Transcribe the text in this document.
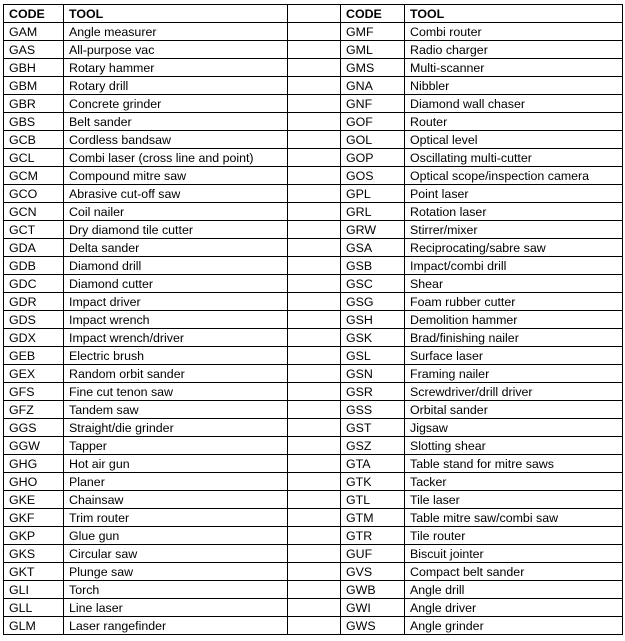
CODE	TOOL		CODE	TOOL
GAM	Angle measurer		GMF	Combi router
GAS	All-purpose vac		GML	Radio charger
GBH	Rotary hammer		GMS	Multi-scanner
GBM	Rotary drill		GNA	Nibbler
GBR	Concrete grinder		GNF	Diamond wall chaser
GBS	Belt sander		GOF	Router
GCB	Cordless bandsaw		GOL	Optical level
GCL	Combi laser (cross line and point)		GOP	Oscillating multi-cutter
GCM	Compound mitre saw		GOS	Optical scope/inspection camera
GCO	Abrasive cut-off saw		GPL	Point laser
GCN	Coil nailer		GRL	Rotation laser
GCT	Dry diamond tile cutter		GRW	Stirrer/mixer
GDA	Delta sander		GSA	Reciprocating/sabre saw
GDB	Diamond drill		GSB	Impact/combi drill
GDC	Diamond cutter		GSC	Shear
GDR	Impact driver		GSG	Foam rubber cutter
GDS	Impact wrench		GSH	Demolition hammer
GDX	Impact wrench/driver		GSK	Brad/finishing nailer
GEB	Electric brush		GSL	Surface laser
GEX	Random orbit sander		GSN	Framing nailer
GFS	Fine cut tenon saw		GSR	Screwdriver/drill driver
GFZ	Tandem saw		GSS	Orbital sander
GGS	Straight/die grinder		GST	Jigsaw
GGW	Tapper		GSZ	Slotting shear
GHG	Hot air gun		GTA	Table stand for mitre saws
GHO	Planer		GTK	Tacker
GKE	Chainsaw		GTL	Tile laser
GKF	Trim router		GTM	Table mitre saw/combi saw
GKP	Glue gun		GTR	Tile router
GKS	Circular saw		GUF	Biscuit jointer
GKT	Plunge saw		GVS	Compact belt sander
GLI	Torch		GWB	Angle drill
GLL	Line laser		GWI	Angle driver
GLM	Laser rangefinder		GWS	Angle grinder
